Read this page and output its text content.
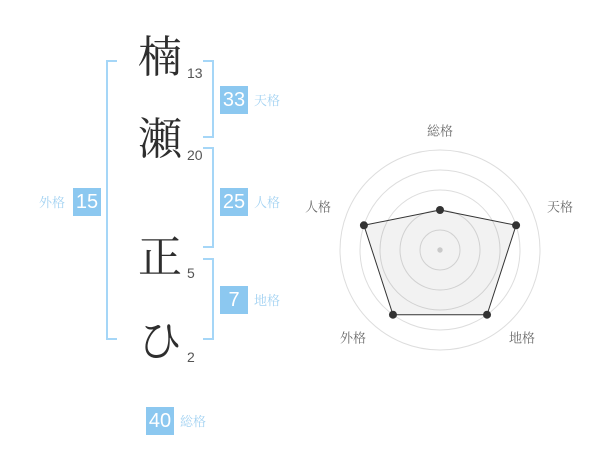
楠 13
瀬 20
正 5
ひ 2
33 天格
25 人格
7	地格
外格 15
40 総格
総格
天格
地格
外格
人格
